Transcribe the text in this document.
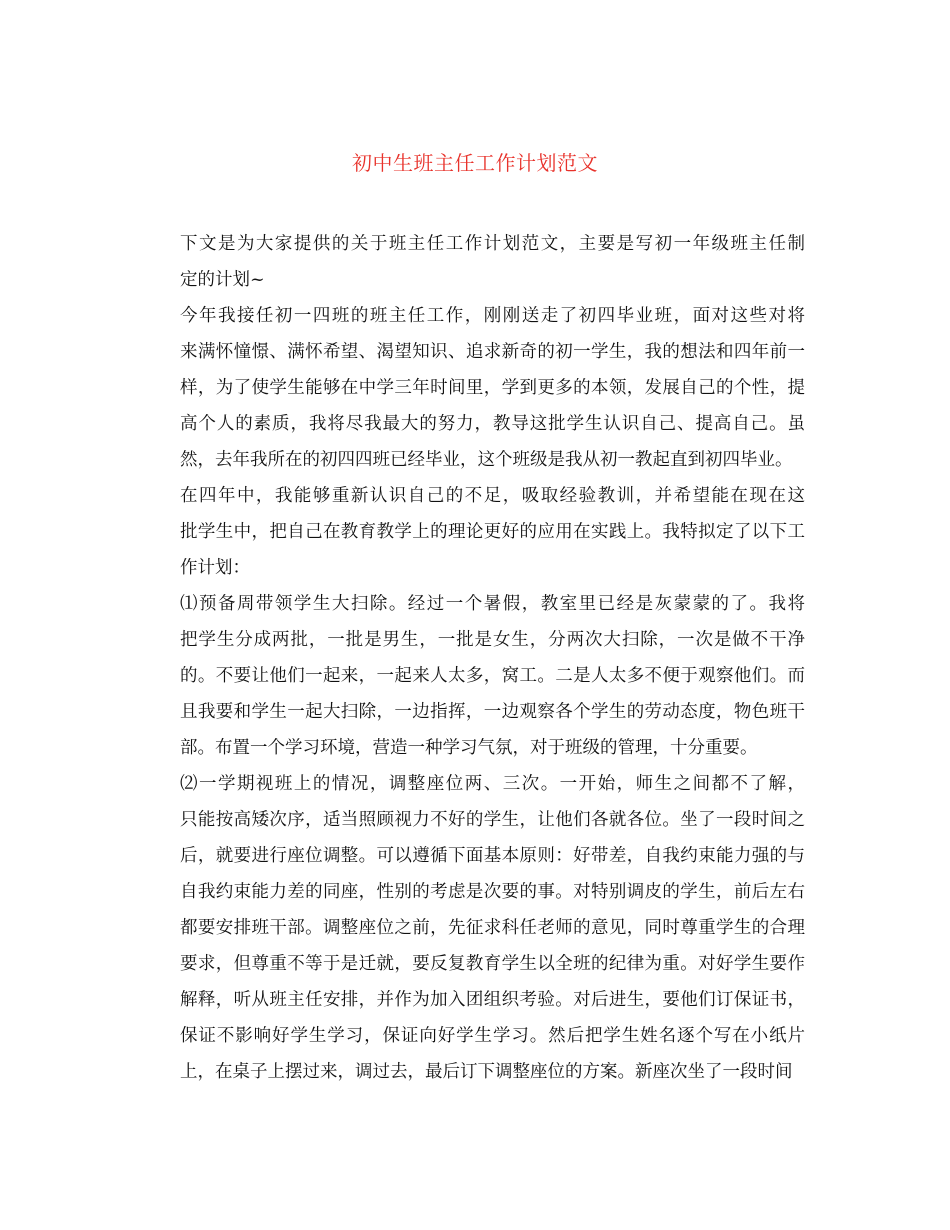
初中生班主任工作计划范文

下文是为大家提供的关于班主任工作计划范文，主要是写初一年级班主任制
定的计划~

今年我接任初一四班的班主任工作，刚刚送走了初四毕业班，面对这些对将
来满怀憧憬、满怀希望、渴望知识、追求新奇的初一学生，我的想法和四年前一
样，为了使学生能够在中学三年时间里，学到更多的本领，发展自己的个性，提
高个人的素质，我将尽我最大的努力，教导这批学生认识自己、提高自己。虽
然，去年我所在的初四四班已经毕业，这个班级是我从初一教起直到初四毕业。

在四年中，我能够重新认识自己的不足，吸取经验教训，并希望能在现在这
批学生中，把自己在教育教学上的理论更好的应用在实践上。我特拟定了以下工
作计划：

⑴预备周带领学生大扫除。经过一个暑假，教室里已经是灰蒙蒙的了。我将
把学生分成两批，一批是男生，一批是女生，分两次大扫除，一次是做不干净
的。不要让他们一起来，一起来人太多，窝工。二是人太多不便于观察他们。而
且我要和学生一起大扫除，一边指挥，一边观察各个学生的劳动态度，物色班干
部。布置一个学习环境，营造一种学习气氛，对于班级的管理，十分重要。

⑵一学期视班上的情况，调整座位两、三次。一开始，师生之间都不了解，
只能按高矮次序，适当照顾视力不好的学生，让他们各就各位。坐了一段时间之
后，就要进行座位调整。可以遵循下面基本原则：好带差，自我约束能力强的与
自我约束能力差的同座，性别的考虑是次要的事。对特别调皮的学生，前后左右
都要安排班干部。调整座位之前，先征求科任老师的意见，同时尊重学生的合理
要求，但尊重不等于是迁就，要反复教育学生以全班的纪律为重。对好学生要作
解释，听从班主任安排，并作为加入团组织考验。对后进生，要他们订保证书，
保证不影响好学生学习，保证向好学生学习。然后把学生姓名逐个写在小纸片
上，在桌子上摆过来，调过去，最后订下调整座位的方案。新座次坐了一段时间
